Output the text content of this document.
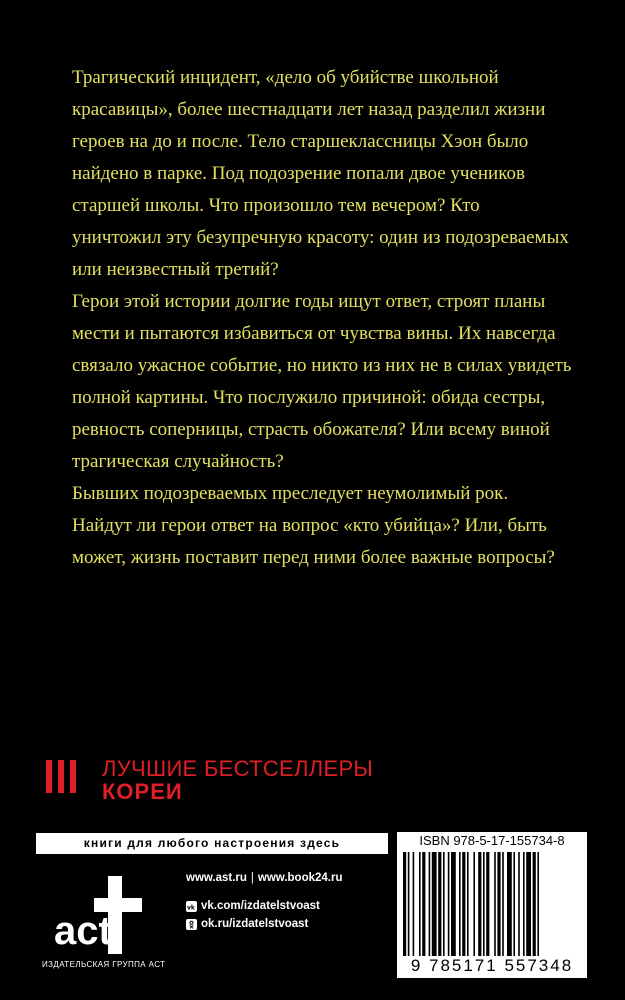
Трагический инцидент, «дело об убийстве школьной красавицы», более шестнадцати лет назад разделил жизни героев на до и после. Тело старшеклассницы Хэон было найдено в парке. Под подозрение попали двое учеников старшей школы. Что произошло тем вечером? Кто уничтожил эту безупречную красоту: один из подозреваемых или неизвестный третий?

Герои этой истории долгие годы ищут ответ, строят планы мести и пытаются избавиться от чувства вины. Их навсегда связало ужасное событие, но никто из них не в силах увидеть полной картины. Что послужило причиной: обида сестры, ревность соперницы, страсть обожателя? Или всему виной трагическая случайность?

Бывших подозреваемых преследует неумолимый рок. Найдут ли герои ответ на вопрос «кто убийца»? Или, быть может, жизнь поставит перед ними более важные вопросы?

ЛУЧШИЕ БЕСТСЕЛЛЕРЫ
КОРЕИ
книги для любого настроения здесь
act
ИЗДАТЕЛЬСКАЯ ГРУППА АСТ
www.ast.ru | www.book24.ru
vk vk.com/izdatelstvoast
ok.ru/izdatelstvoast
ISBN 978-5-17-155734-8
9 785171 557348
